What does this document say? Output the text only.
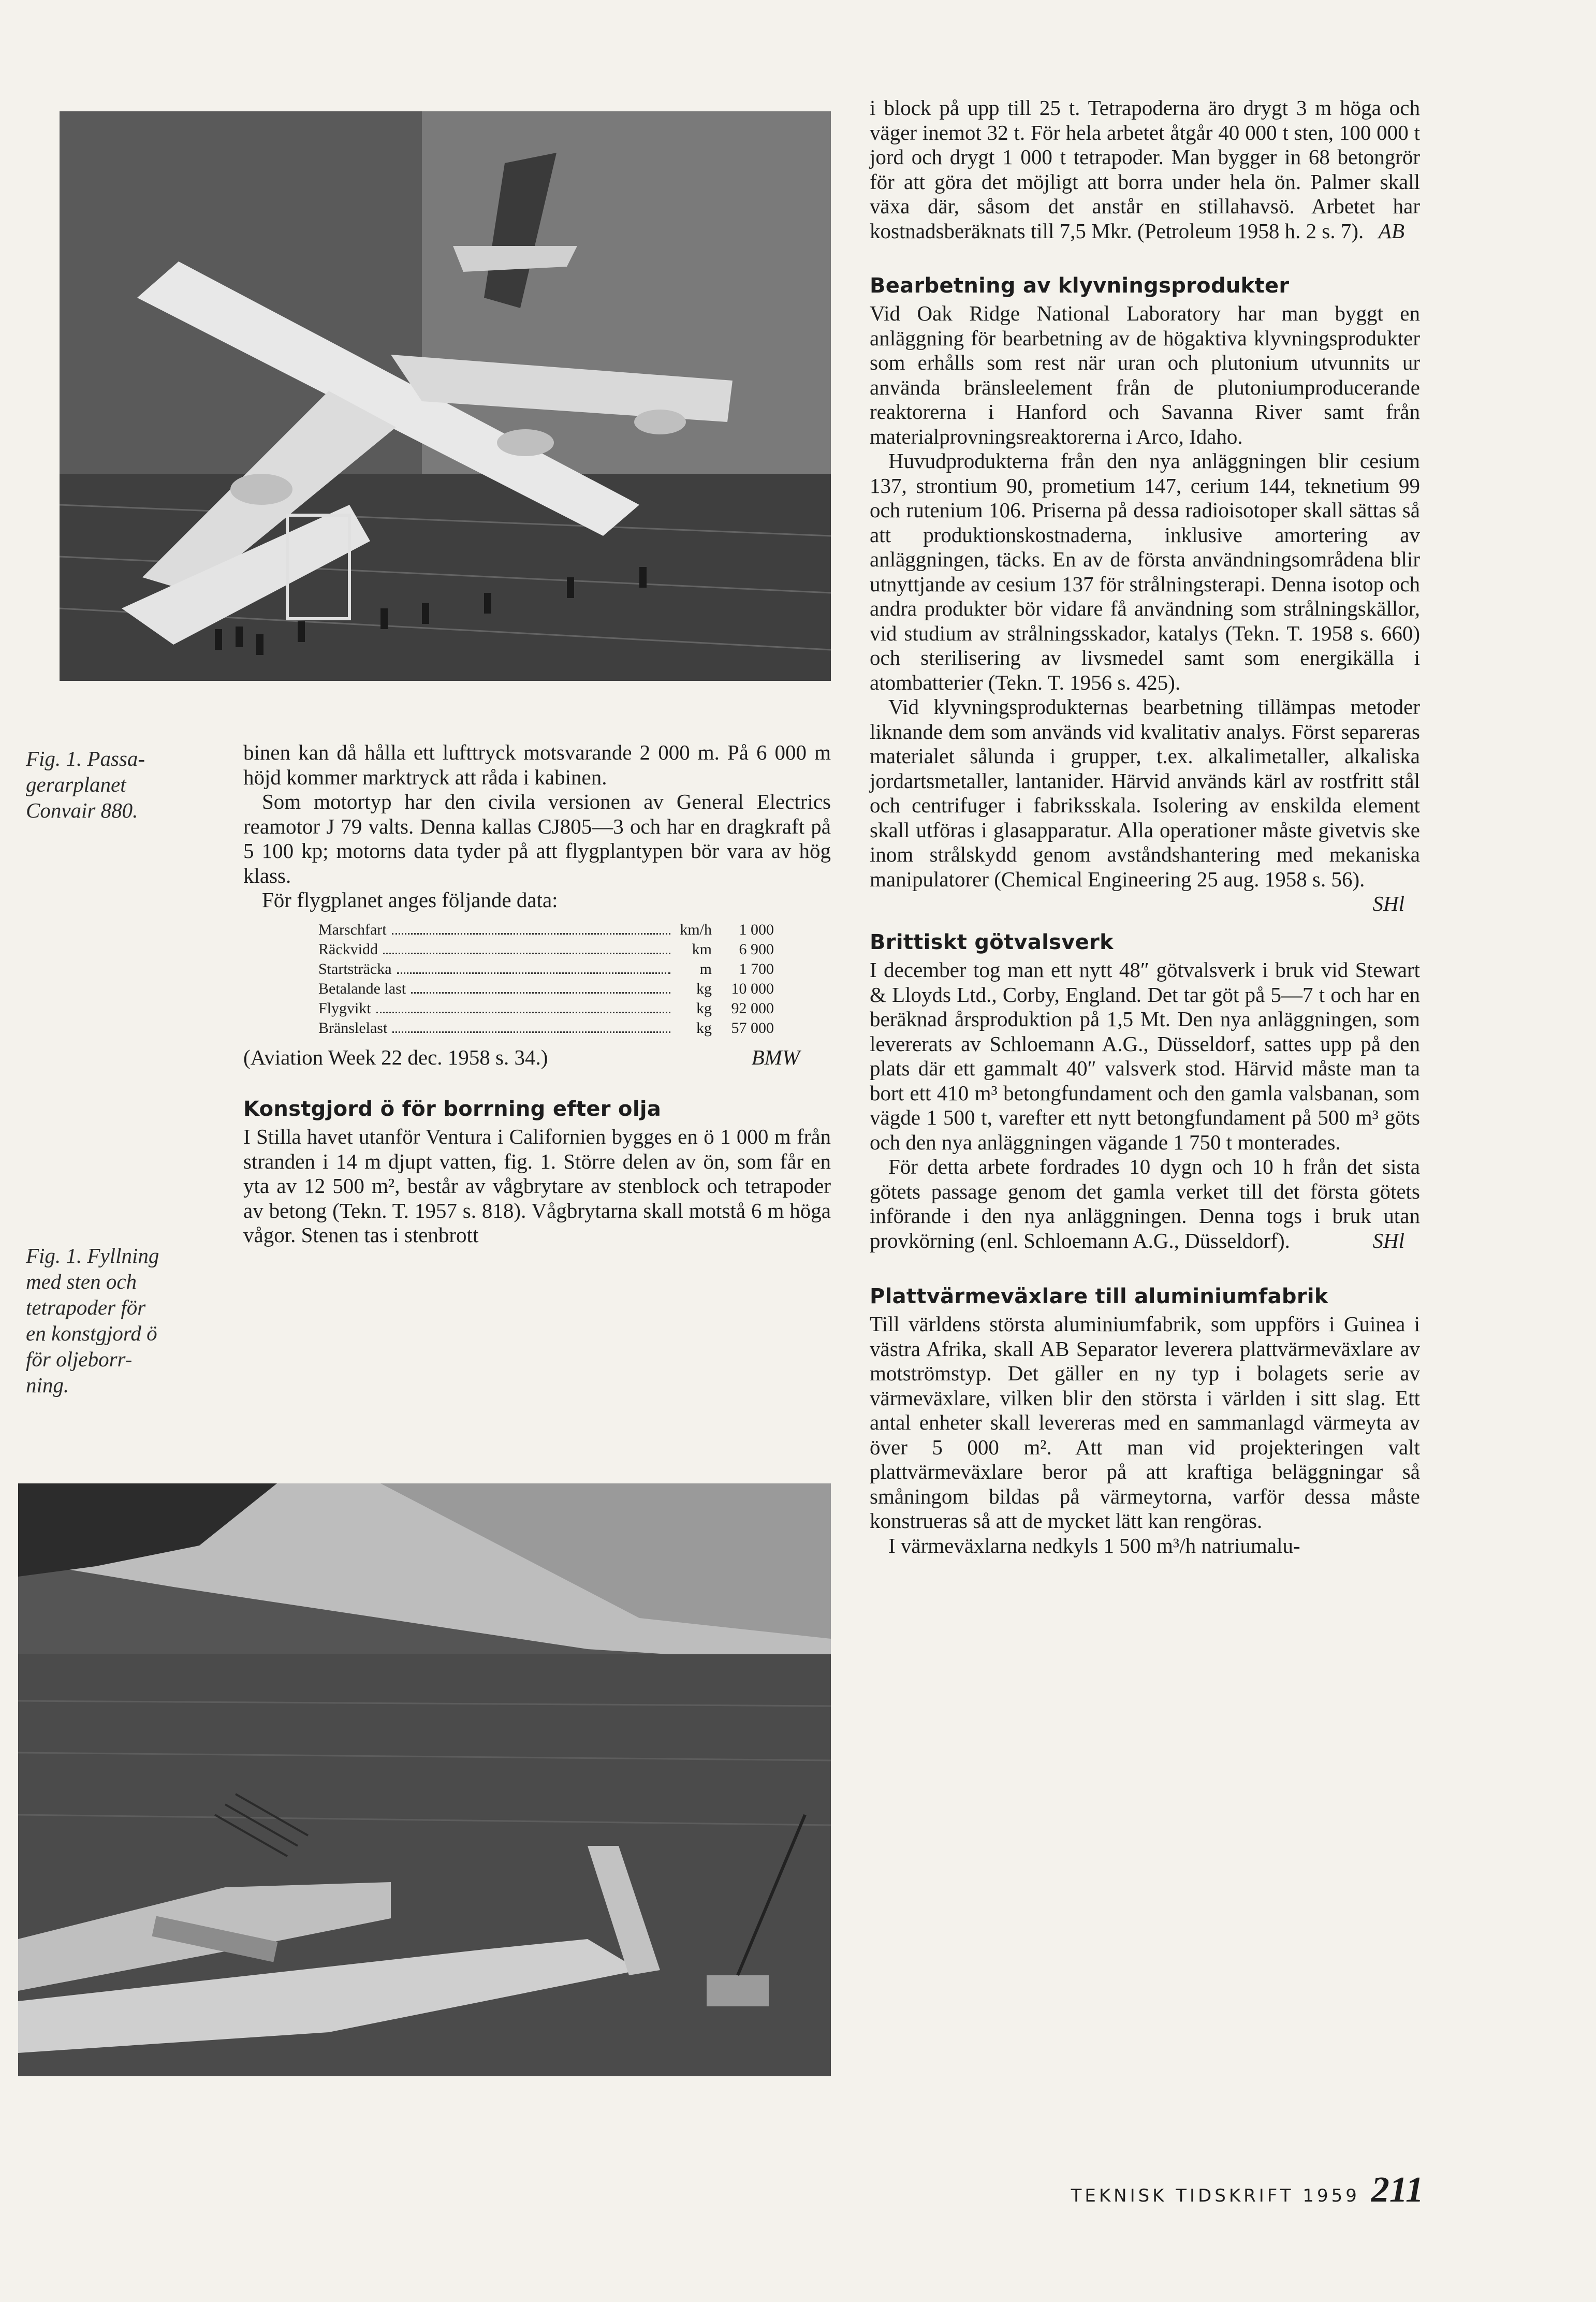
Fig. 1. Passa-

gerarplanet

Convair 880.

binen kan då hålla ett lufttryck motsvarande 2 000 m. På 6 000 m höjd kommer marktryck att råda i kabinen.

Som motortyp har den civila versionen av General Electrics reamotor J 79 valts. Denna kallas CJ805—3 och har en dragkraft på 5 100 kp; motorns data tyder på att flygplantypen bör vara av hög klass.

För flygplanet anges följande data:

Marschfart	km/h	1 000
Räckvidd	km	6 900
Startsträcka	m	1 700
Betalande last	kg	10 000
Flygvikt	kg	92 000
Bränslelast	kg	57 000

(Aviation Week 22 dec. 1958 s. 34.)	BMW

Konstgjord ö för borrning efter olja

I Stilla havet utanför Ventura i Californien bygges en ö 1 000 m från stranden i 14 m djupt vatten, fig. 1. Större delen av ön, som får en yta av 12 500 m², består av vågbrytare av stenblock och tetrapoder av betong (Tekn. T. 1957 s. 818). Vågbrytarna skall motstå 6 m höga vågor. Stenen tas i stenbrott

Fig. 1. Fyllning

med sten och

tetrapoder för

en konstgjord ö

för oljeborr-

ning.

i block på upp till 25 t. Tetrapoderna äro drygt 3 m höga och väger inemot 32 t. För hela arbetet åtgår 40 000 t sten, 100 000 t jord och drygt 1 000 t tetrapoder. Man bygger in 68 betongrör för att göra det möjligt att borra under hela ön. Palmer skall växa där, såsom det anstår en stillahavsö. Arbetet har kostnadsberäknats till 7,5 Mkr. (Petroleum 1958 h. 2 s. 7). AB

Bearbetning av klyvningsprodukter

Vid Oak Ridge National Laboratory har man byggt en anläggning för bearbetning av de högaktiva klyvningsprodukter som erhålls som rest när uran och plutonium utvunnits ur använda bränsleelement från de plutoniumproducerande reaktorerna i Hanford och Savanna River samt från materialprovningsreaktorerna i Arco, Idaho.

Huvudprodukterna från den nya anläggningen blir cesium 137, strontium 90, prometium 147, cerium 144, teknetium 99 och rutenium 106. Priserna på dessa radioisotoper skall sättas så att produktionskostnaderna, inklusive amortering av anläggningen, täcks. En av de första användningsområdena blir utnyttjande av cesium 137 för strålningsterapi. Denna isotop och andra produkter bör vidare få användning som strålningskällor, vid studium av strålningsskador, katalys (Tekn. T. 1958 s. 660) och sterilisering av livsmedel samt som energikälla i atombatterier (Tekn. T. 1956 s. 425).

Vid klyvningsprodukternas bearbetning tillämpas metoder liknande dem som används vid kvalitativ analys. Först separeras materialet sålunda i grupper, t.ex. alkalimetaller, alkaliska jordartsmetaller, lantanider. Härvid används kärl av rostfritt stål och centrifuger i fabriksskala. Isolering av enskilda element skall utföras i glasapparatur. Alla operationer måste givetvis ske inom strålskydd genom avståndshantering med mekaniska manipulatorer (Chemical Engineering 25 aug. 1958 s. 56).
SHl

Brittiskt götvalsverk

I december tog man ett nytt 48″ götvalsverk i bruk vid Stewart & Lloyds Ltd., Corby, England. Det tar göt på 5—7 t och har en beräknad årsproduktion på 1,5 Mt. Den nya anläggningen, som levererats av Schloemann A.G., Düsseldorf, sattes upp på den plats där ett gammalt 40″ valsverk stod. Härvid måste man ta bort ett 410 m³ betongfundament och den gamla valsbanan, som vägde 1 500 t, varefter ett nytt betongfundament på 500 m³ göts och den nya anläggningen vägande 1 750 t monterades.

För detta arbete fordrades 10 dygn och 10 h från det sista götets passage genom det gamla verket till det första götets införande i den nya anläggningen. Denna togs i bruk utan provkörning (enl. Schloemann A.G., Düsseldorf).	SHl

Plattvärmeväxlare till aluminiumfabrik

Till världens största aluminiumfabrik, som uppförs i Guinea i västra Afrika, skall AB Separator leverera plattvärmeväxlare av motströmstyp. Det gäller en ny typ i bolagets serie av värmeväxlare, vilken blir den största i världen i sitt slag. Ett antal enheter skall levereras med en sammanlagd värmeyta av över 5 000 m². Att man vid projekteringen valt plattvärmeväxlare beror på att kraftiga beläggningar så småningom bildas på värmeytorna, varför dessa måste konstrueras så att de mycket lätt kan rengöras.

I värmeväxlarna nedkyls 1 500 m³/h natriumalu-

TEKNISK TIDSKRIFT 1959 211
